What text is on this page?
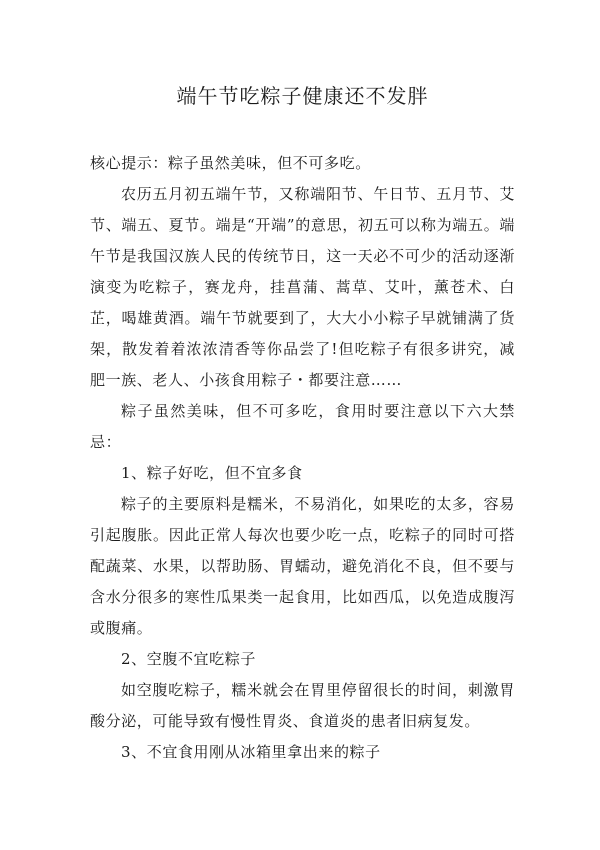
端午节吃粽子健康还不发胖

核心提示：粽子虽然美味，但不可多吃。

农历五月初五端午节，又称端阳节、午日节、五月节、艾节、端五、夏节。端是“开端”的意思，初五可以称为端五。端午节是我国汉族人民的传统节日，这一天必不可少的活动逐渐演变为吃粽子，赛龙舟，挂菖蒲、蒿草、艾叶，薰苍术、白芷，喝雄黄酒。端午节就要到了，大大小小粽子早就铺满了货架，散发着着浓浓清香等你品尝了!但吃粽子有很多讲究，减肥一族、老人、小孩食用粽子・都要注意……

粽子虽然美味，但不可多吃，食用时要注意以下六大禁忌：

1、粽子好吃，但不宜多食

粽子的主要原料是糯米，不易消化，如果吃的太多，容易引起腹胀。因此正常人每次也要少吃一点，吃粽子的同时可搭配蔬菜、水果，以帮助肠、胃蠕动，避免消化不良，但不要与含水分很多的寒性瓜果类一起食用，比如西瓜，以免造成腹泻或腹痛。

2、空腹不宜吃粽子

如空腹吃粽子，糯米就会在胃里停留很长的时间，刺激胃酸分泌，可能导致有慢性胃炎、食道炎的患者旧病复发。

3、不宜食用刚从冰箱里拿出来的粽子
